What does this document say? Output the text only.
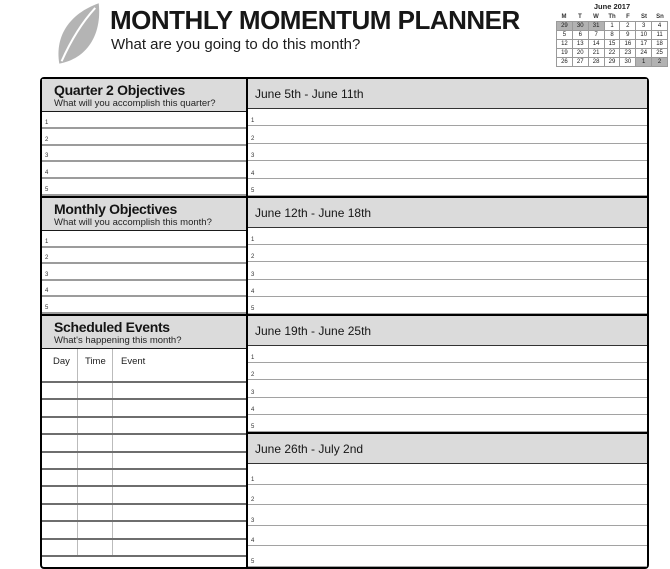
MONTHLY MOMENTUM PLANNER
What are you going to do this month?
June 2017
M	T	W	Th	F	St	Sn
29	30	31	1	2	3	4
5	6	7	8	9	10	11
12	13	14	15	16	17	18
19	20	21	22	23	24	25
26	27	28	29	30	1	2
Quarter 2 Objectives
What will you accomplish this quarter?
1
2
3
4
5
Monthly Objectives
What will you accomplish this month?
1
2
3
4
5
Scheduled Events
What's happening this month?
Day	Time	Event
June 5th - June 11th
1
2
3
4
5
June 12th - June 18th
1
2
3
4
5
June 19th - June 25th
1
2
3
4
5
June 26th - July 2nd
1
2
3
4
5
